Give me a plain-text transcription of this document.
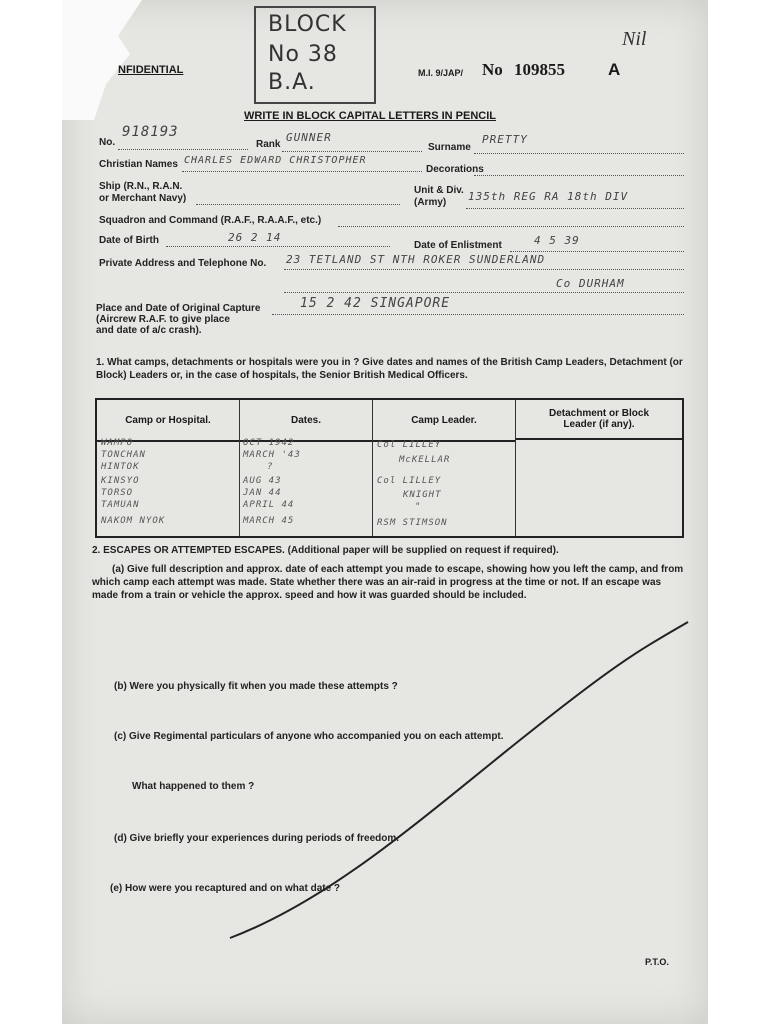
BLOCK
No 38
B.A.
NFIDENTIAL	M.I. 9/JAP/ No 109855	A
Nil
WRITE IN BLOCK CAPITAL LETTERS IN PENCIL
No.
918193
Rank
GUNNER
Surname
PRETTY
Christian Names CHARLES EDWARD CHRISTOPHER
Decorations
Ship (R.N., R.A.N.
or Merchant Navy)
Unit & Div.
(Army) 135th REG RA 18th DIV
Squadron and Command (R.A.F., R.A.A.F., etc.)
Date of Birth	26 2 14
Date of Enlistment	4 5 39
Private Address and Telephone No. 23 TETLAND ST NTH ROKER SUNDERLAND
Co DURHAM
Place and Date of Original Capture
(Aircrew R.A.F. to give place
and date of a/c crash).
15 2 42 SINGAPORE
1. What camps, detachments or hospitals were you in ? Give dates and names of the British Camp Leaders, Detachment (or Block) Leaders or, in the case of hospitals, the Senior British Medical Officers.
Camp or Hospital.	Dates.	Camp Leader.
Detachment or Block Leader (if any).
WAMPO	OCT 1942	Col LILLEY
TONCHAN	MARCH '43	McKELLAR
HINTOK	?
KINSYO	AUG 43	Col LILLEY
TORSO	JAN 44	KNIGHT
TAMUAN	APRIL 44	"
NAKOM NYOK	MARCH 45	RSM STIMSON
2. ESCAPES OR ATTEMPTED ESCAPES. (Additional paper will be supplied on request if required).
(a) Give full description and approx. date of each attempt you made to escape, showing how you left the camp, and from which camp each attempt was made. State whether there was an air-raid in progress at the time or not. If an escape was made from a train or vehicle the approx. speed and how it was guarded should be included.
(b) Were you physically fit when you made these attempts ?
(c) Give Regimental particulars of anyone who accompanied you on each attempt.
What happened to them ?
(d) Give briefly your experiences during periods of freedom.
(e) How were you recaptured and on what date ?
P.T.O.
